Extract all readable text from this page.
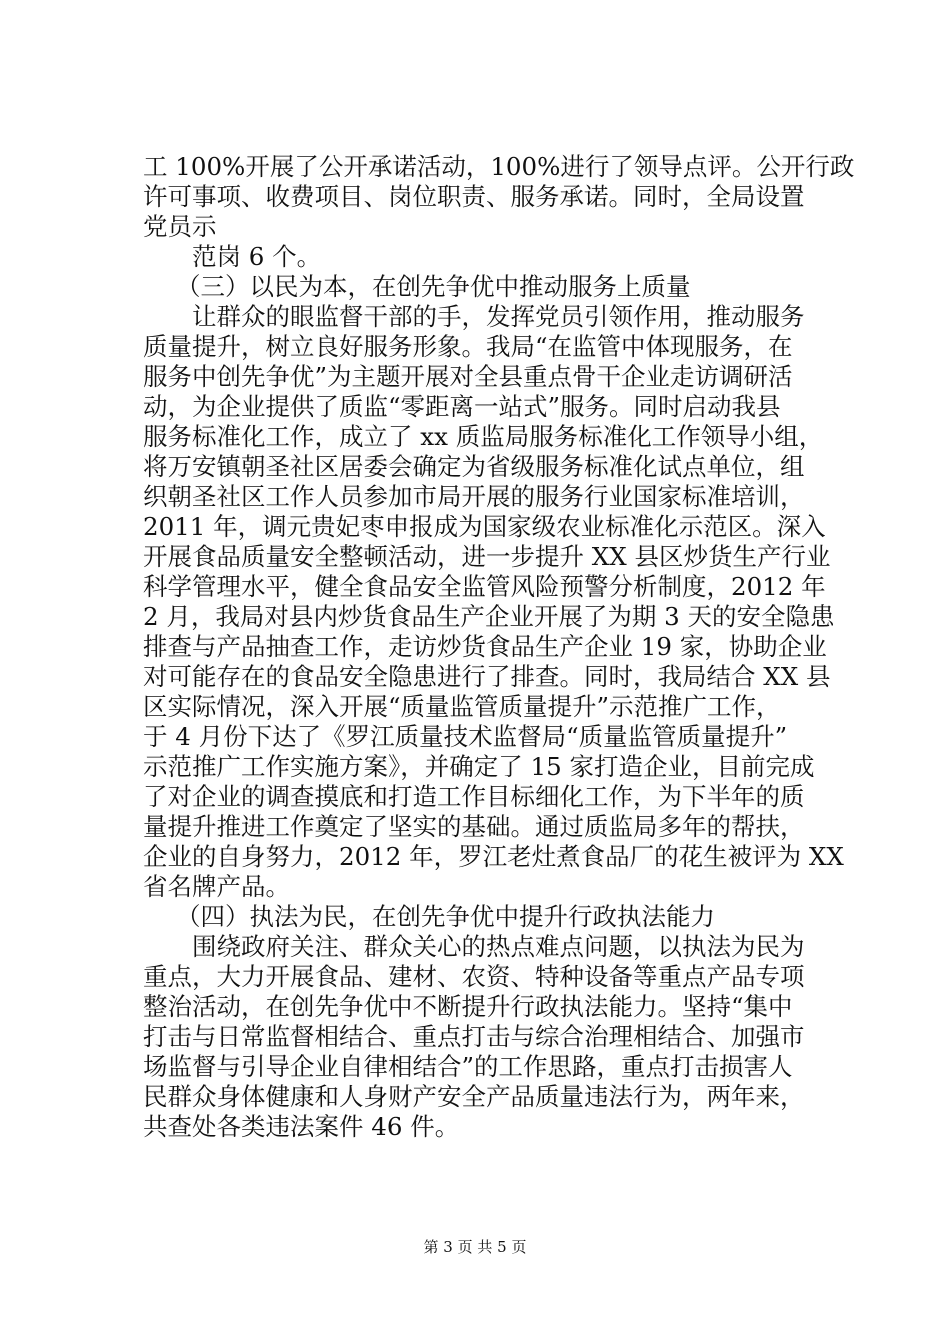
工 100%开展了公开承诺活动，100%进行了领导点评。公开行政
许可事项、收费项目、岗位职责、服务承诺。同时，全局设置
党员示
范岗 6 个。
（三）以民为本，在创先争优中推动服务上质量
让群众的眼监督干部的手，发挥党员引领作用，推动服务
质量提升，树立良好服务形象。我局“在监管中体现服务，在
服务中创先争优”为主题开展对全县重点骨干企业走访调研活
动，为企业提供了质监“零距离一站式”服务。同时启动我县
服务标准化工作，成立了 xx 质监局服务标准化工作领导小组，
将万安镇朝圣社区居委会确定为省级服务标准化试点单位，组
织朝圣社区工作人员参加市局开展的服务行业国家标准培训，
2011 年，调元贵妃枣申报成为国家级农业标准化示范区。深入
开展食品质量安全整顿活动，进一步提升 XX 县区炒货生产行业
科学管理水平，健全食品安全监管风险预警分析制度，2012 年
2 月，我局对县内炒货食品生产企业开展了为期 3 天的安全隐患
排查与产品抽查工作，走访炒货食品生产企业 19 家，协助企业
对可能存在的食品安全隐患进行了排查。同时，我局结合 XX 县
区实际情况，深入开展“质量监管质量提升”示范推广工作，
于 4 月份下达了《罗江质量技术监督局“质量监管质量提升”
示范推广工作实施方案》，并确定了 15 家打造企业，目前完成
了对企业的调查摸底和打造工作目标细化工作，为下半年的质
量提升推进工作奠定了坚实的基础。通过质监局多年的帮扶，
企业的自身努力，2012 年，罗江老灶煮食品厂的花生被评为 XX
省名牌产品。
（四）执法为民，在创先争优中提升行政执法能力
围绕政府关注、群众关心的热点难点问题，以执法为民为
重点，大力开展食品、建材、农资、特种设备等重点产品专项
整治活动，在创先争优中不断提升行政执法能力。坚持“集中
打击与日常监督相结合、重点打击与综合治理相结合、加强市
场监督与引导企业自律相结合”的工作思路，重点打击损害人
民群众身体健康和人身财产安全产品质量违法行为，两年来，
共查处各类违法案件 46 件。
第 3 页 共 5 页
